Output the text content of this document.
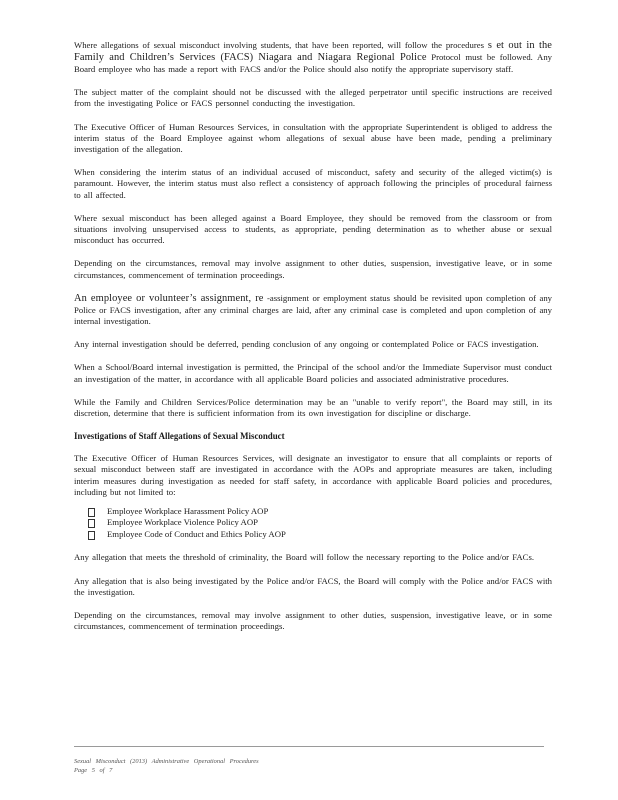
Where allegations of sexual misconduct involving students, that have been reported, will follow the procedures s et out in the Family and Children’s Services (FACS) Niagara and Niagara Regional Police Protocol must be followed. Any Board employee who has made a report with FACS and/or the Police should also notify the appropriate supervisory staff.

The subject matter of the complaint should not be discussed with the alleged perpetrator until specific instructions are received from the investigating Police or FACS personnel conducting the investigation.

The Executive Officer of Human Resources Services, in consultation with the appropriate Superintendent is obliged to address the interim status of the Board Employee against whom allegations of sexual abuse have been made, pending a preliminary investigation of the allegation.

When considering the interim status of an individual accused of misconduct, safety and security of the alleged victim(s) is paramount. However, the interim status must also reflect a consistency of approach following the principles of procedural fairness to all affected.

Where sexual misconduct has been alleged against a Board Employee, they should be removed from the classroom or from situations involving unsupervised access to students, as appropriate, pending determination as to whether abuse or sexual misconduct has occurred.

Depending on the circumstances, removal may involve assignment to other duties, suspension, investigative leave, or in some circumstances, commencement of termination proceedings.

An employee or volunteer’s assignment, re -assignment or employment status should be revisited upon completion of any Police or FACS investigation, after any criminal charges are laid, after any criminal case is completed and upon completion of any internal investigation.

Any internal investigation should be deferred, pending conclusion of any ongoing or contemplated Police or FACS investigation.

When a School/Board internal investigation is permitted, the Principal of the school and/or the Immediate Supervisor must conduct an investigation of the matter, in accordance with all applicable Board policies and associated administrative procedures.

While the Family and Children Services/Police determination may be an "unable to verify report", the Board may still, in its discretion, determine that there is sufficient information from its own investigation for discipline or discharge.

Investigations of Staff Allegations of Sexual Misconduct

The Executive Officer of Human Resources Services, will designate an investigator to ensure that all complaints or reports of sexual misconduct between staff are investigated in accordance with the AOPs and appropriate measures are taken, including interim measures during investigation as needed for staff safety, in accordance with applicable Board policies and procedures, including but not limited to:

Employee Workplace Harassment Policy AOP
Employee Workplace Violence Policy AOP
Employee Code of Conduct and Ethics Policy AOP

Any allegation that meets the threshold of criminality, the Board will follow the necessary reporting to the Police and/or FACs.

Any allegation that is also being investigated by the Police and/or FACS, the Board will comply with the Police and/or FACS with the investigation.

Depending on the circumstances, removal may involve assignment to other duties, suspension, investigative leave, or in some circumstances, commencement of termination proceedings.

Sexual Misconduct (2013) Administrative Operational Procedures
Page 5 of 7
